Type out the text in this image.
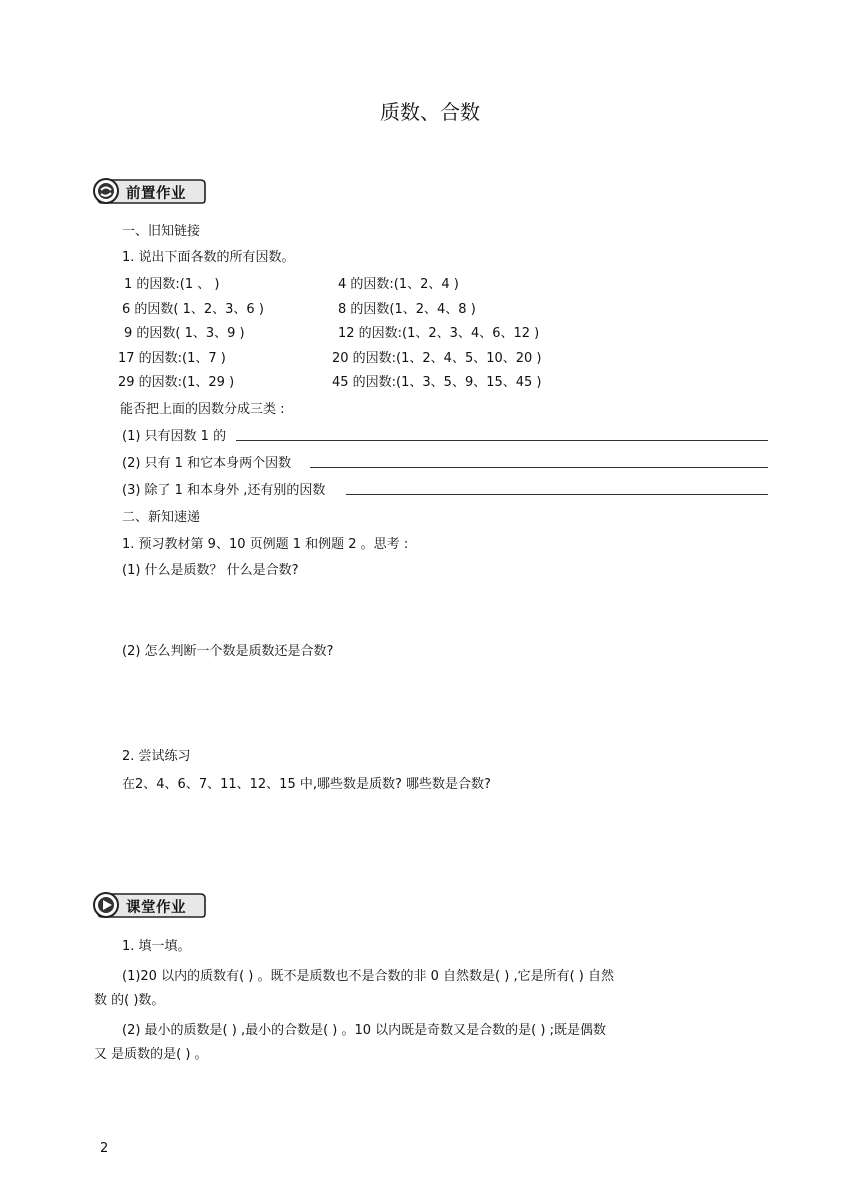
质数、合数
前置作业
一、旧知链接
1. 说出下面各数的所有因数。
1 的因数:(1 、 )	4 的因数:(1、2、4 )
6 的因数( 1、2、3、6 )	8 的因数(1、2、4、8 )
9 的因数( 1、3、9 )	12 的因数:(1、2、3、4、6、12 )
17 的因数:(1、7 )	20 的因数:(1、2、4、5、10、20 )
29 的因数:(1、29 )	45 的因数:(1、3、5、9、15、45 )
能否把上面的因数分成三类 :
(1) 只有因数 1 的
(2) 只有 1 和它本身两个因数
(3) 除了 1 和本身外 ,还有别的因数
二、新知速递
1. 预习教材第 9、10 页例题 1 和例题 2 。思考 :
(1) 什么是质数？ 什么是合数?
(2) 怎么判断一个数是质数还是合数?
2. 尝试练习
在2、4、6、7、11、12、15 中,哪些数是质数? 哪些数是合数?
课堂作业
1. 填一填。
(1)20 以内的质数有( ) 。既不是质数也不是合数的非 0 自然数是( ) ,它是所有( ) 自然
数 的( )数。
(2) 最小的质数是( ) ,最小的合数是( ) 。10 以内既是奇数又是合数的是( ) ;既是偶数
又 是质数的是( ) 。
2
